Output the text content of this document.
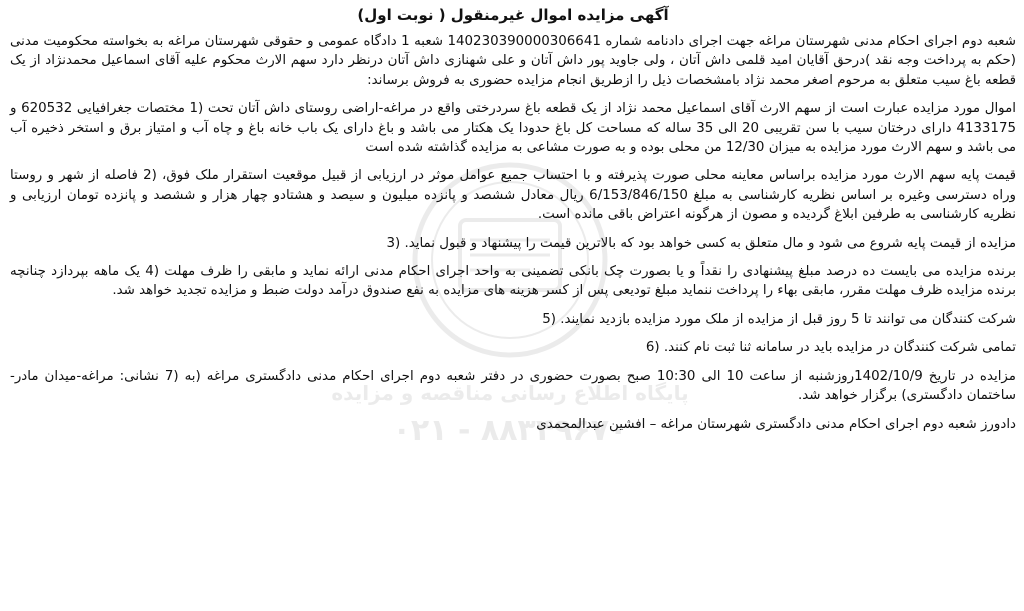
پایگاه اطلاع رسانی مناقصه و مزایده
۰۲۱ - ۸۸۳۴۹۶۷۰
آگهی مزایده اموال غیرمنقول ( نوبت اول)
شعبه دوم اجرای احکام مدنی شهرستان مراغه جهت اجرای دادنامه شماره 140230390000306641 شعبه 1 دادگاه عمومی و حقوقی شهرستان مراغه به بخواسته محکومیت مدنی (حکم به پرداخت وجه نقد )درحق آقایان امید قلمی داش آتان ، ولی جاوید پور داش آتان و علی شهنازی داش آتان درنظر دارد سهم الارث محکوم علیه آقای اسماعیل محمدنژاد از یک قطعه باغ سیب متعلق به مرحوم اصغر محمد نژاد بامشخصات ذیل را ازطریق انجام مزایده حضوری به فروش برساند:
اموال مورد مزایده عبارت است از سهم الارث آقای اسماعیل محمد نژاد از یک قطعه باغ سردرختی واقع در مراغه-اراضی روستای داش آتان تحت (1 مختصات جغرافیایی 620532 و 4133175 دارای درختان سیب با سن تقریبی 20 الی 35 ساله که مساحت کل باغ حدودا یک هکتار می باشد و باغ دارای یک باب خانه باغ و چاه آب و امتیاز برق و استخر ذخیره آب می باشد و سهم الارث مورد مزایده به میزان 12/30 من محلی بوده و به صورت مشاعی به مزایده گذاشته شده است
قیمت پایه سهم الارث مورد مزایده براساس معاینه محلی صورت پذیرفته و با احتساب جمیع عوامل موثر در ارزیابی از قبیل موقعیت استقرار ملک فوق، (2 فاصله از شهر و روستا وراه دسترسی وغیره بر اساس نظریه کارشناسی به مبلغ 6/153/846/150 ریال معادل ششصد و پانزده میلیون و سیصد و هشتادو چهار هزار و ششصد و پانزده تومان ارزیابی و نظریه کارشناسی به طرفین ابلاغ گردیده و مصون از هرگونه اعتراض باقی مانده است.
مزایده از قیمت پایه شروع می شود و مال متعلق به کسی خواهد بود که بالاترین قیمت را پیشنهاد و قبول نماید. (3
برنده مزایده می بایست ده درصد مبلغ پیشنهادی را نقداً و یا بصورت چک بانکی تضمینی به واحد اجرای احکام مدنی ارائه نماید و مابقی را ظرف مهلت (4 یک ماهه بپردازد چنانچه برنده مزایده ظرف مهلت مقرر، مابقی بهاء را پرداخت ننماید مبلغ تودیعی پس از کسر هزینه های مزایده به نفع صندوق درآمد دولت ضبط و مزایده تجدید خواهد شد.
شرکت کنندگان می توانند تا 5 روز قبل از مزایده از ملک مورد مزایده بازدید نمایند. (5
تمامی شرکت کنندگان در مزایده باید در سامانه ثنا ثبت نام کنند. (6
مزایده در تاریخ 1402/10/9روزشنبه از ساعت 10 الی 10:30 صبح بصورت حضوری در دفتر شعبه دوم اجرای احکام مدنی دادگستری مراغه (به (7 نشانی: مراغه-میدان مادر-ساختمان دادگستری) برگزار خواهد شد.
دادورز شعبه دوم اجرای احکام مدنی دادگستری شهرستان مراغه – افشین عبدالمحمدی
